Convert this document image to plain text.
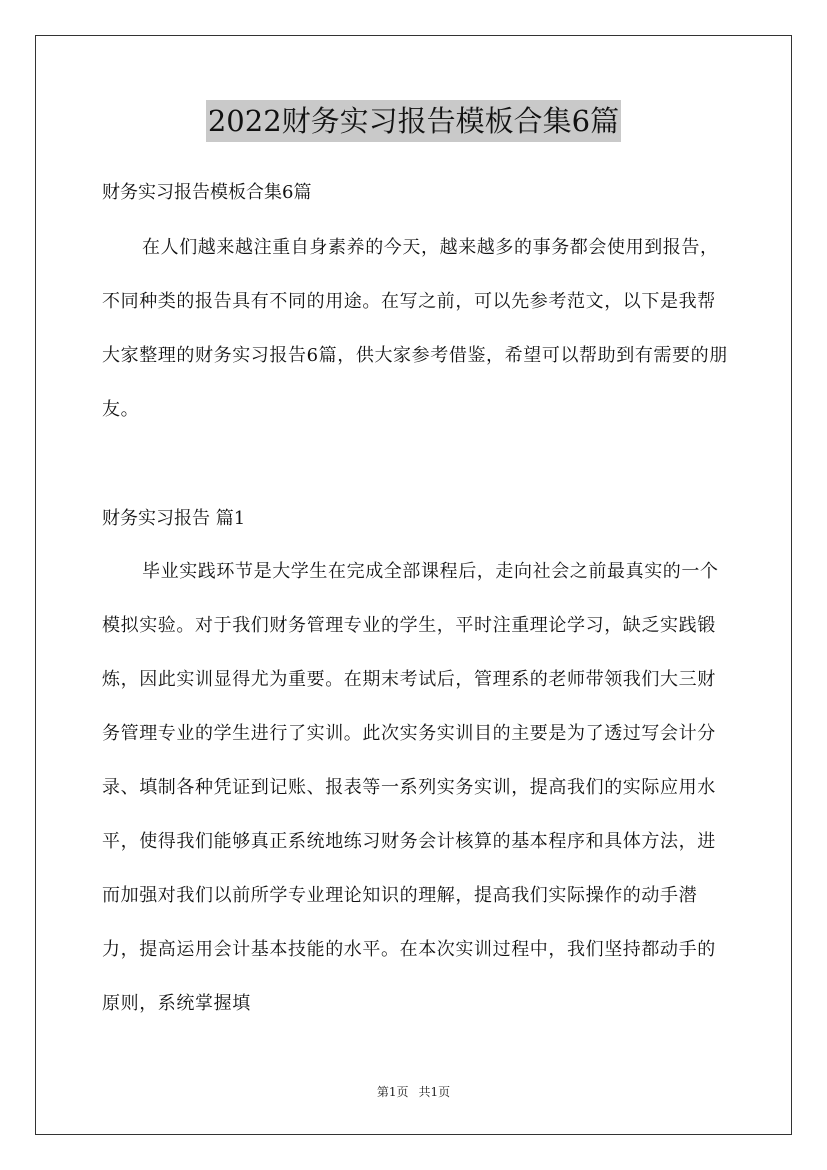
2022财务实习报告模板合集6篇
财务实习报告模板合集6篇

在人们越来越注重自身素养的今天，越来越多的事务都会使用到报告，不同种类的报告具有不同的用途。在写之前，可以先参考范文，以下是我帮大家整理的财务实习报告6篇，供大家参考借鉴，希望可以帮助到有需要的朋友。

财务实习报告 篇1

毕业实践环节是大学生在完成全部课程后，走向社会之前最真实的一个模拟实验。对于我们财务管理专业的学生，平时注重理论学习，缺乏实践锻炼，因此实训显得尤为重要。在期末考试后，管理系的老师带领我们大三财务管理专业的学生进行了实训。此次实务实训目的主要是为了透过写会计分录、填制各种凭证到记账、报表等一系列实务实训，提高我们的实际应用水平，使得我们能够真正系统地练习财务会计核算的基本程序和具体方法，进而加强对我们以前所学专业理论知识的理解，提高我们实际操作的动手潜力，提高运用会计基本技能的水平。在本次实训过程中，我们坚持都动手的原则，系统掌握填

第1页 共1页
